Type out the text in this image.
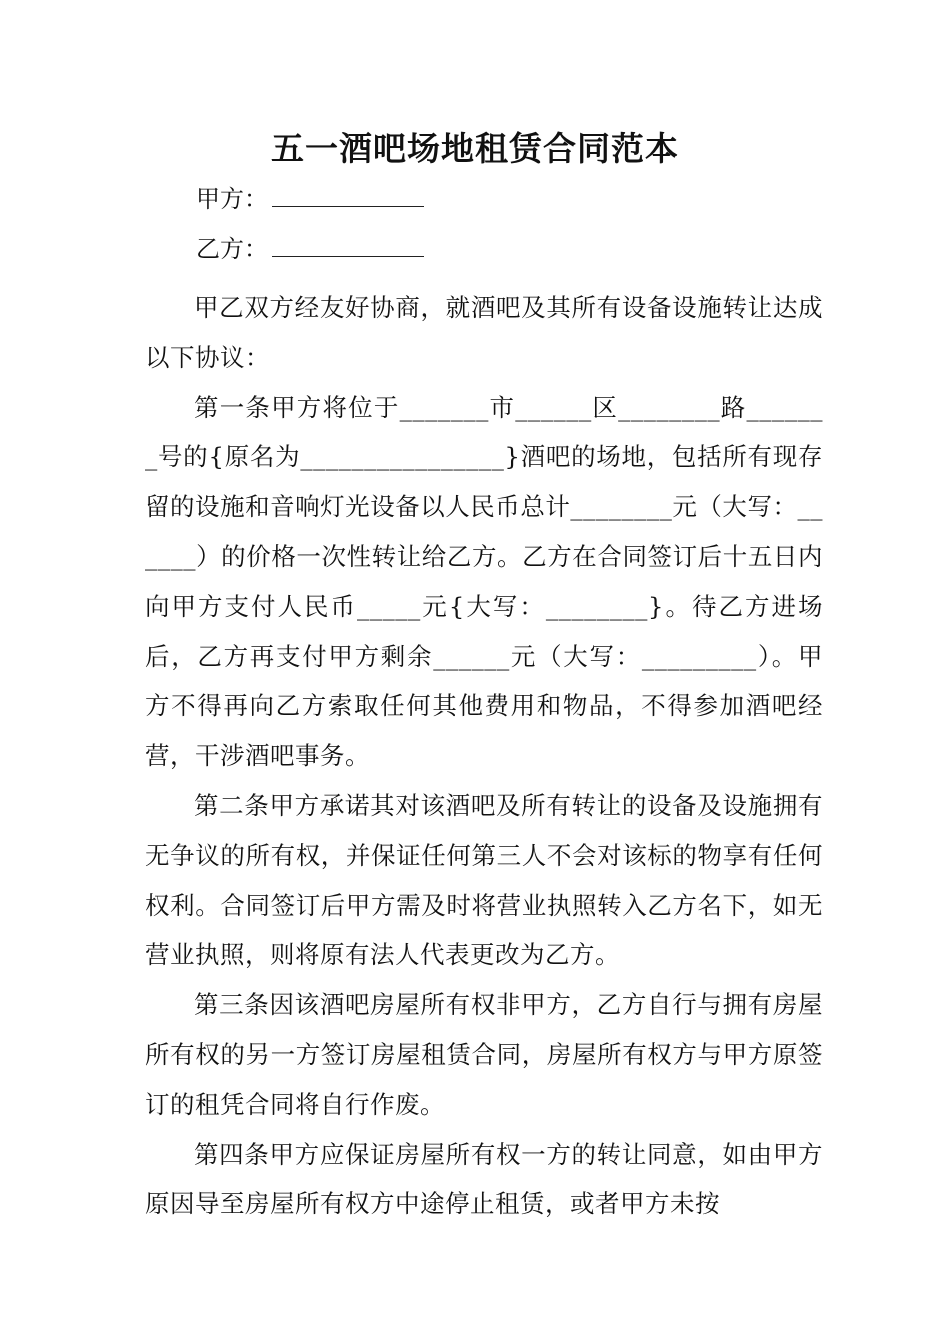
五一酒吧场地租赁合同范本
甲方：
乙方：

甲乙双方经友好协商，就酒吧及其所有设备设施转让达成以下协议：

第一条甲方将位于_______市______区________路_______号的{原名为________________}酒吧的场地，包括所有现存留的设施和音响灯光设备以人民币总计________元（大写：______）的价格一次性转让给乙方。乙方在合同签订后十五日内向甲方支付人民币_____元{大写：________}。待乙方进场后，乙方再支付甲方剩余______元（大写：_________）。甲方不得再向乙方索取任何其他费用和物品，不得参加酒吧经营，干涉酒吧事务。

第二条甲方承诺其对该酒吧及所有转让的设备及设施拥有无争议的所有权，并保证任何第三人不会对该标的物享有任何权利。合同签订后甲方需及时将营业执照转入乙方名下，如无营业执照，则将原有法人代表更改为乙方。

第三条因该酒吧房屋所有权非甲方，乙方自行与拥有房屋所有权的另一方签订房屋租赁合同，房屋所有权方与甲方原签订的租凭合同将自行作废。

第四条甲方应保证房屋所有权一方的转让同意，如由甲方原因导至房屋所有权方中途停止租赁，或者甲方未按
